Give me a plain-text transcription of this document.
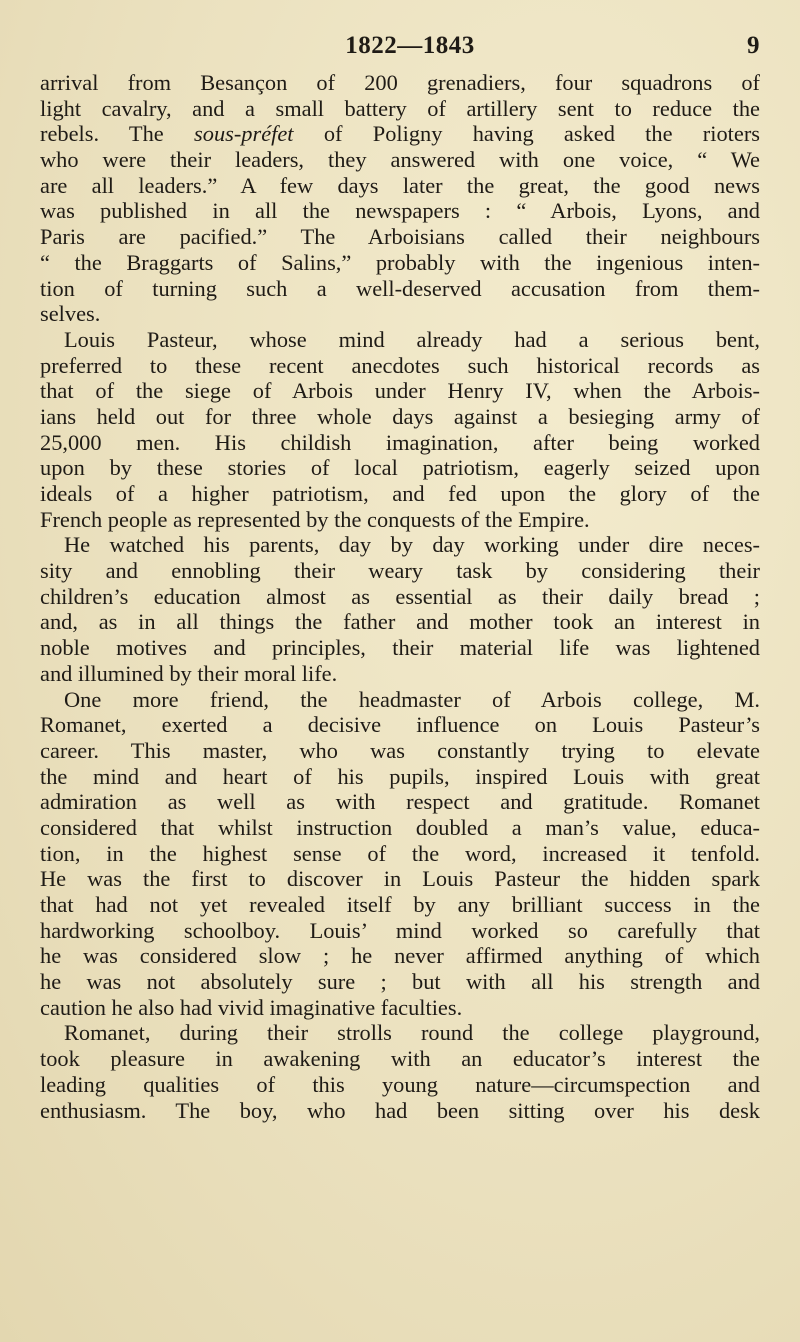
1822—1843	9
arrival from Besançon of 200 grenadiers, four squadrons of
light cavalry, and a small battery of artillery sent to reduce the
rebels. The sous-préfet of Poligny having asked the rioters
who were their leaders, they answered with one voice, “ We
are all leaders.” A few days later the great, the good news
was published in all the newspapers : “ Arbois, Lyons, and
Paris are pacified.” The Arboisians called their neighbours
“ the Braggarts of Salins,” probably with the ingenious inten-
tion of turning such a well-deserved accusation from them-
selves.
Louis Pasteur, whose mind already had a serious bent,
preferred to these recent anecdotes such historical records as
that of the siege of Arbois under Henry IV, when the Arbois-
ians held out for three whole days against a besieging army of
25,000 men. His childish imagination, after being worked
upon by these stories of local patriotism, eagerly seized upon
ideals of a higher patriotism, and fed upon the glory of the
French people as represented by the conquests of the Empire.
He watched his parents, day by day working under dire neces-
sity and ennobling their weary task by considering their
children’s education almost as essential as their daily bread ;
and, as in all things the father and mother took an interest in
noble motives and principles, their material life was lightened
and illumined by their moral life.
One more friend, the headmaster of Arbois college, M.
Romanet, exerted a decisive influence on Louis Pasteur’s
career. This master, who was constantly trying to elevate
the mind and heart of his pupils, inspired Louis with great
admiration as well as with respect and gratitude. Romanet
considered that whilst instruction doubled a man’s value, educa-
tion, in the highest sense of the word, increased it tenfold.
He was the first to discover in Louis Pasteur the hidden spark
that had not yet revealed itself by any brilliant success in the
hardworking schoolboy. Louis’ mind worked so carefully that
he was considered slow ; he never affirmed anything of which
he was not absolutely sure ; but with all his strength and
caution he also had vivid imaginative faculties.
Romanet, during their strolls round the college playground,
took pleasure in awakening with an educator’s interest the
leading qualities of this young nature—circumspection and
enthusiasm. The boy, who had been sitting over his desk
